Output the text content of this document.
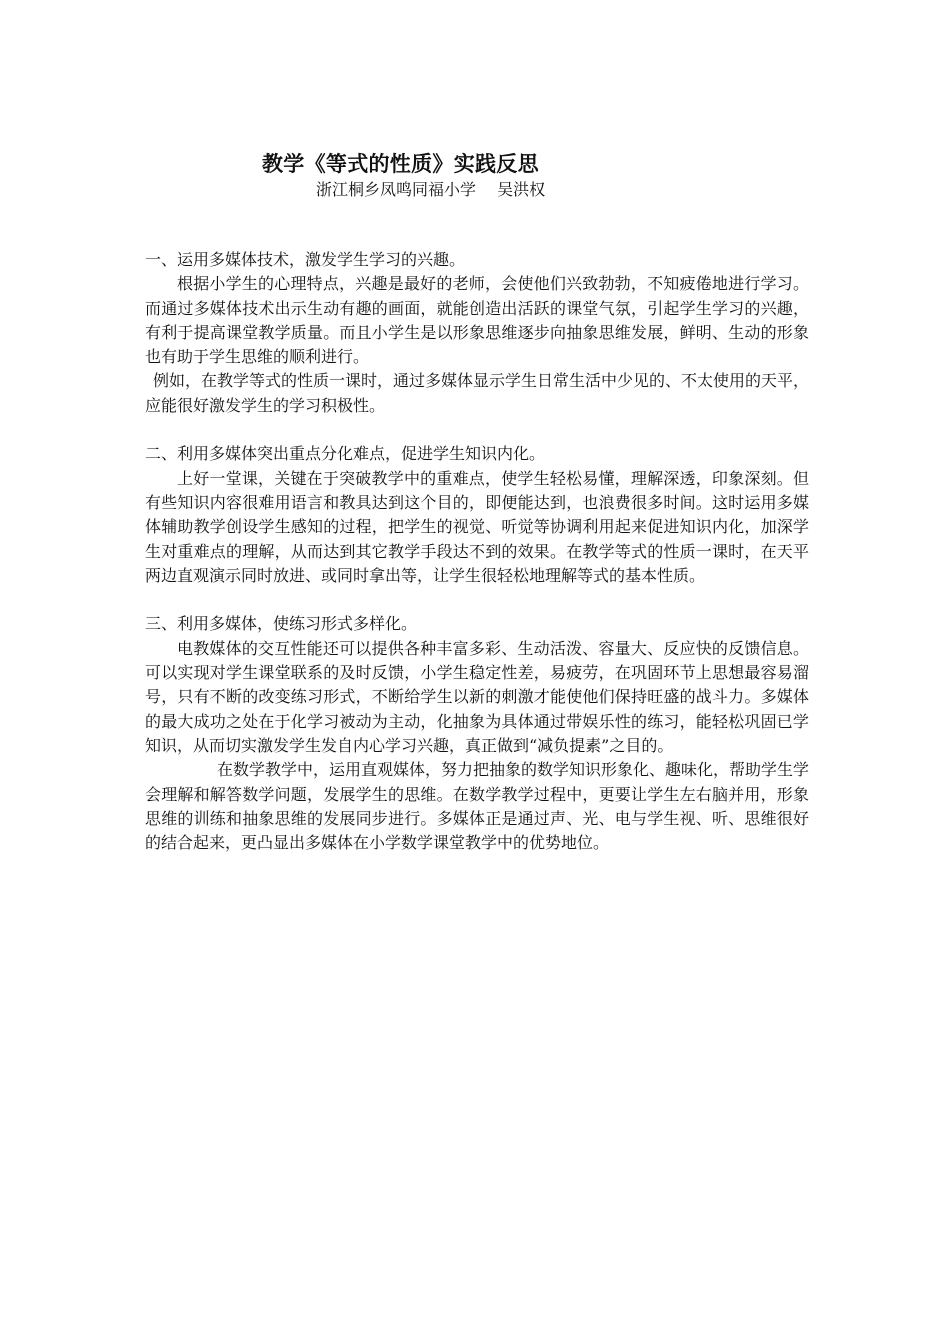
教学《等式的性质》实践反思
浙江桐乡凤鸣同福小学　 吴洪权

一、运用多媒体技术，激发学生学习的兴趣。

根据小学生的心理特点，兴趣是最好的老师，会使他们兴致勃勃，不知疲倦地进行学习。而通过多媒体技术出示生动有趣的画面，就能创造出活跃的课堂气氛，引起学生学习的兴趣，有利于提高课堂教学质量。而且小学生是以形象思维逐步向抽象思维发展，鲜明、生动的形象也有助于学生思维的顺利进行。

例如，在教学等式的性质一课时，通过多媒体显示学生日常生活中少见的、不太使用的天平，应能很好激发学生的学习积极性。

二、利用多媒体突出重点分化难点，促进学生知识内化。

上好一堂课，关键在于突破教学中的重难点，使学生轻松易懂，理解深透，印象深刻。但有些知识内容很难用语言和教具达到这个目的，即便能达到，也浪费很多时间。这时运用多媒体辅助教学创设学生感知的过程，把学生的视觉、听觉等协调利用起来促进知识内化，加深学生对重难点的理解，从而达到其它教学手段达不到的效果。在教学等式的性质一课时，在天平两边直观演示同时放进、或同时拿出等，让学生很轻松地理解等式的基本性质。

三、利用多媒体，使练习形式多样化。

电教媒体的交互性能还可以提供各种丰富多彩、生动活泼、容量大、反应快的反馈信息。可以实现对学生课堂联系的及时反馈，小学生稳定性差，易疲劳，在巩固环节上思想最容易溜号，只有不断的改变练习形式，不断给学生以新的刺激才能使他们保持旺盛的战斗力。多媒体的最大成功之处在于化学习被动为主动，化抽象为具体通过带娱乐性的练习，能轻松巩固已学知识，从而切实激发学生发自内心学习兴趣，真正做到“减负提素”之目的。

在数学教学中，运用直观媒体，努力把抽象的数学知识形象化、趣味化，帮助学生学会理解和解答数学问题，发展学生的思维。在数学教学过程中，更要让学生左右脑并用，形象思维的训练和抽象思维的发展同步进行。多媒体正是通过声、光、电与学生视、听、思维很好的结合起来，更凸显出多媒体在小学数学课堂教学中的优势地位。
